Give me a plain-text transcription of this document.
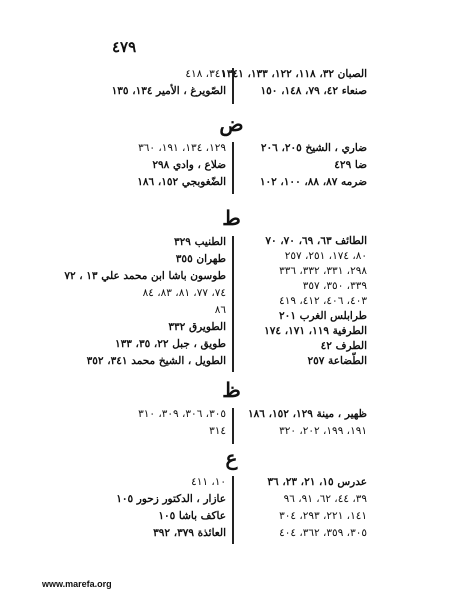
٤٧٩
الصبان ٣٢، ١١٨، ١٢٢، ١٣٣، ١٣٤١
صنعاء ٤٢، ٧٩، ١٤٨، ١٥٠
٣٤١، ٤١٨
الصّويرغ ، الأمير ١٣٤، ١٣٥
ض
ضاري ، الشيخ ٢٠٥، ٢٠٦
ضا ٤٢٩
ضرمه ٨٧، ٨٨، ١٠٠، ١٠٢
١٢٩، ١٣٤، ١٩١، ٣٦٠
ضلاع ، وادي ٢٩٨
الضّغوبجي ١٥٢، ١٨٦
ط
الطائف ٦٣، ٦٩، ٧٠، ٧٠
٨٠، ١٧٤، ٢٥١، ٢٥٧
٢٩٨، ٣٣١، ٣٣٢، ٣٣٦
٣٣٩، ٣٥٠، ٣٥٧
٤٠٣، ٤٠٦، ٤١٢، ٤١٩
طرابلس الغرب ٢٠١
الطرفية ١١٩، ١٧١، ١٧٤
الطرف ٤٢
الطّضاعة ٢٥٧
الطنيب ٣٢٩
طهران ٣٥٥
طوسون باشا ابن محمد علي ١٣ ، ٧٢
٧٤، ٧٧، ٨١، ٨٣، ٨٤
٨٦
الطويرق ٣٣٢
طويق ، جبل ٢٢، ٣٥، ١٣٣
الطويل ، الشيخ محمد ٣٤١، ٣٥٢
ظ
ظهير ، مينة ١٢٩، ١٥٢، ١٨٦
١٩١، ١٩٩، ٢٠٢، ٣٢٠
٣٠٥، ٣٠٦، ٣٠٩، ٣١٠
٣١٤
ع
عدرس ١٥، ٢١، ٢٣، ٣٦
٣٩، ٤٤، ٦٢، ٩١، ٩٦
١٤١، ٢٢١، ٢٩٣، ٣٠٤
٣٠٥، ٣٥٩، ٣٦٢، ٤٠٤
١٠، ٤١١
عازار ، الدكتور زحور ١٠٥
عاكف باشا ١٠٥
العائذة ٣٧٩، ٣٩٢
www.marefa.org
